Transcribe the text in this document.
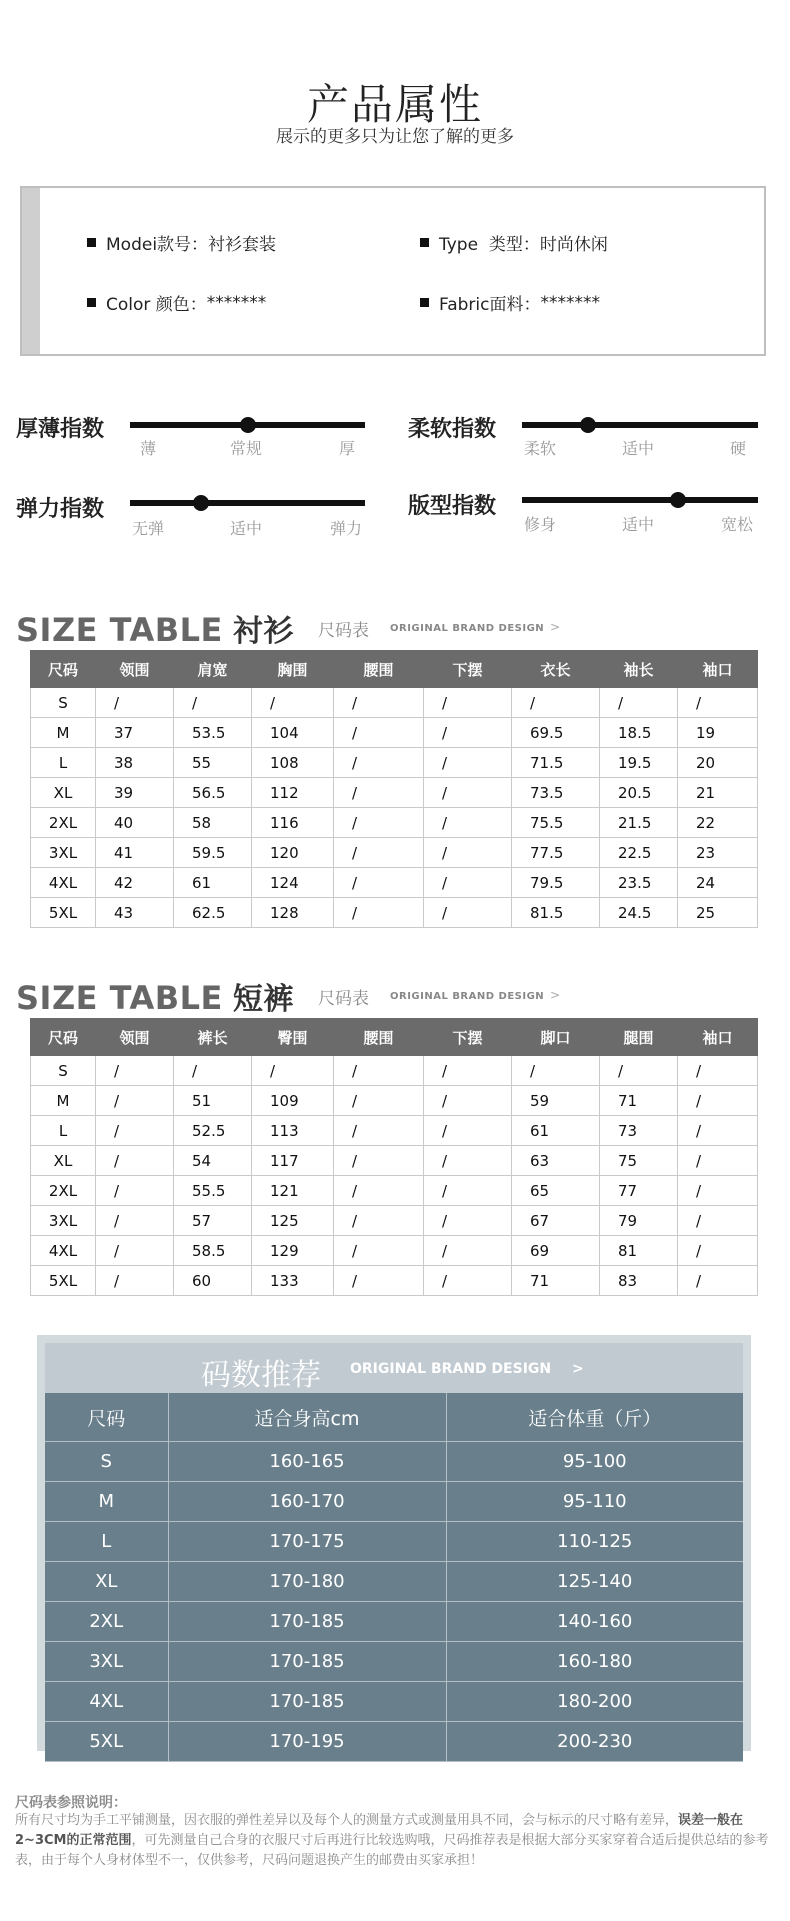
产品属性
展示的更多只为让您了解的更多
Modei款号： 衬衫套装	Type  类型： 时尚休闲
Color 颜色： *******	Fabric面料： *******
厚薄指数
薄	常规	厚
柔软指数
柔软	适中	硬
弹力指数
无弹	适中	弹力
版型指数
修身	适中	宽松
SIZE TABLE 衬衫 尺码表 ORIGINAL BRAND DESIGN >
尺码	领围	肩宽	胸围	腰围	下摆	衣长	袖长	袖口
S	/	/	/	/	/	/	/	/
M	37	53.5	104	/	/	69.5	18.5	19
L	38	55	108	/	/	71.5	19.5	20
XL	39	56.5	112	/	/	73.5	20.5	21
2XL	40	58	116	/	/	75.5	21.5	22
3XL	41	59.5	120	/	/	77.5	22.5	23
4XL	42	61	124	/	/	79.5	23.5	24
5XL	43	62.5	128	/	/	81.5	24.5	25
SIZE TABLE 短裤 尺码表 ORIGINAL BRAND DESIGN >
尺码	领围	裤长	臀围	腰围	下摆	脚口	腿围	袖口
S	/	/	/	/	/	/	/	/
M	/	51	109	/	/	59	71	/
L	/	52.5	113	/	/	61	73	/
XL	/	54	117	/	/	63	75	/
2XL	/	55.5	121	/	/	65	77	/
3XL	/	57	125	/	/	67	79	/
4XL	/	58.5	129	/	/	69	81	/
5XL	/	60	133	/	/	71	83	/
码数推荐 ORIGINAL BRAND DESIGN >
尺码	适合身高cm	适合体重（斤）
S	160-165	95-100
M	160-170	95-110
L	170-175	110-125
XL	170-180	125-140
2XL	170-185	140-160
3XL	170-185	160-180
4XL	170-185	180-200
5XL	170-195	200-230
尺码表参照说明：
所有尺寸均为手工平铺测量，因衣服的弹性差异以及每个人的测量方式或测量用具不同，会与标示的尺寸略有差异，误差一般在2~3CM的正常范围，可先测量自己合身的衣服尺寸后再进行比较选购哦，尺码推荐表是根据大部分买家穿着合适后提供总结的参考表，由于每个人身材体型不一，仅供参考，尺码问题退换产生的邮费由买家承担！
